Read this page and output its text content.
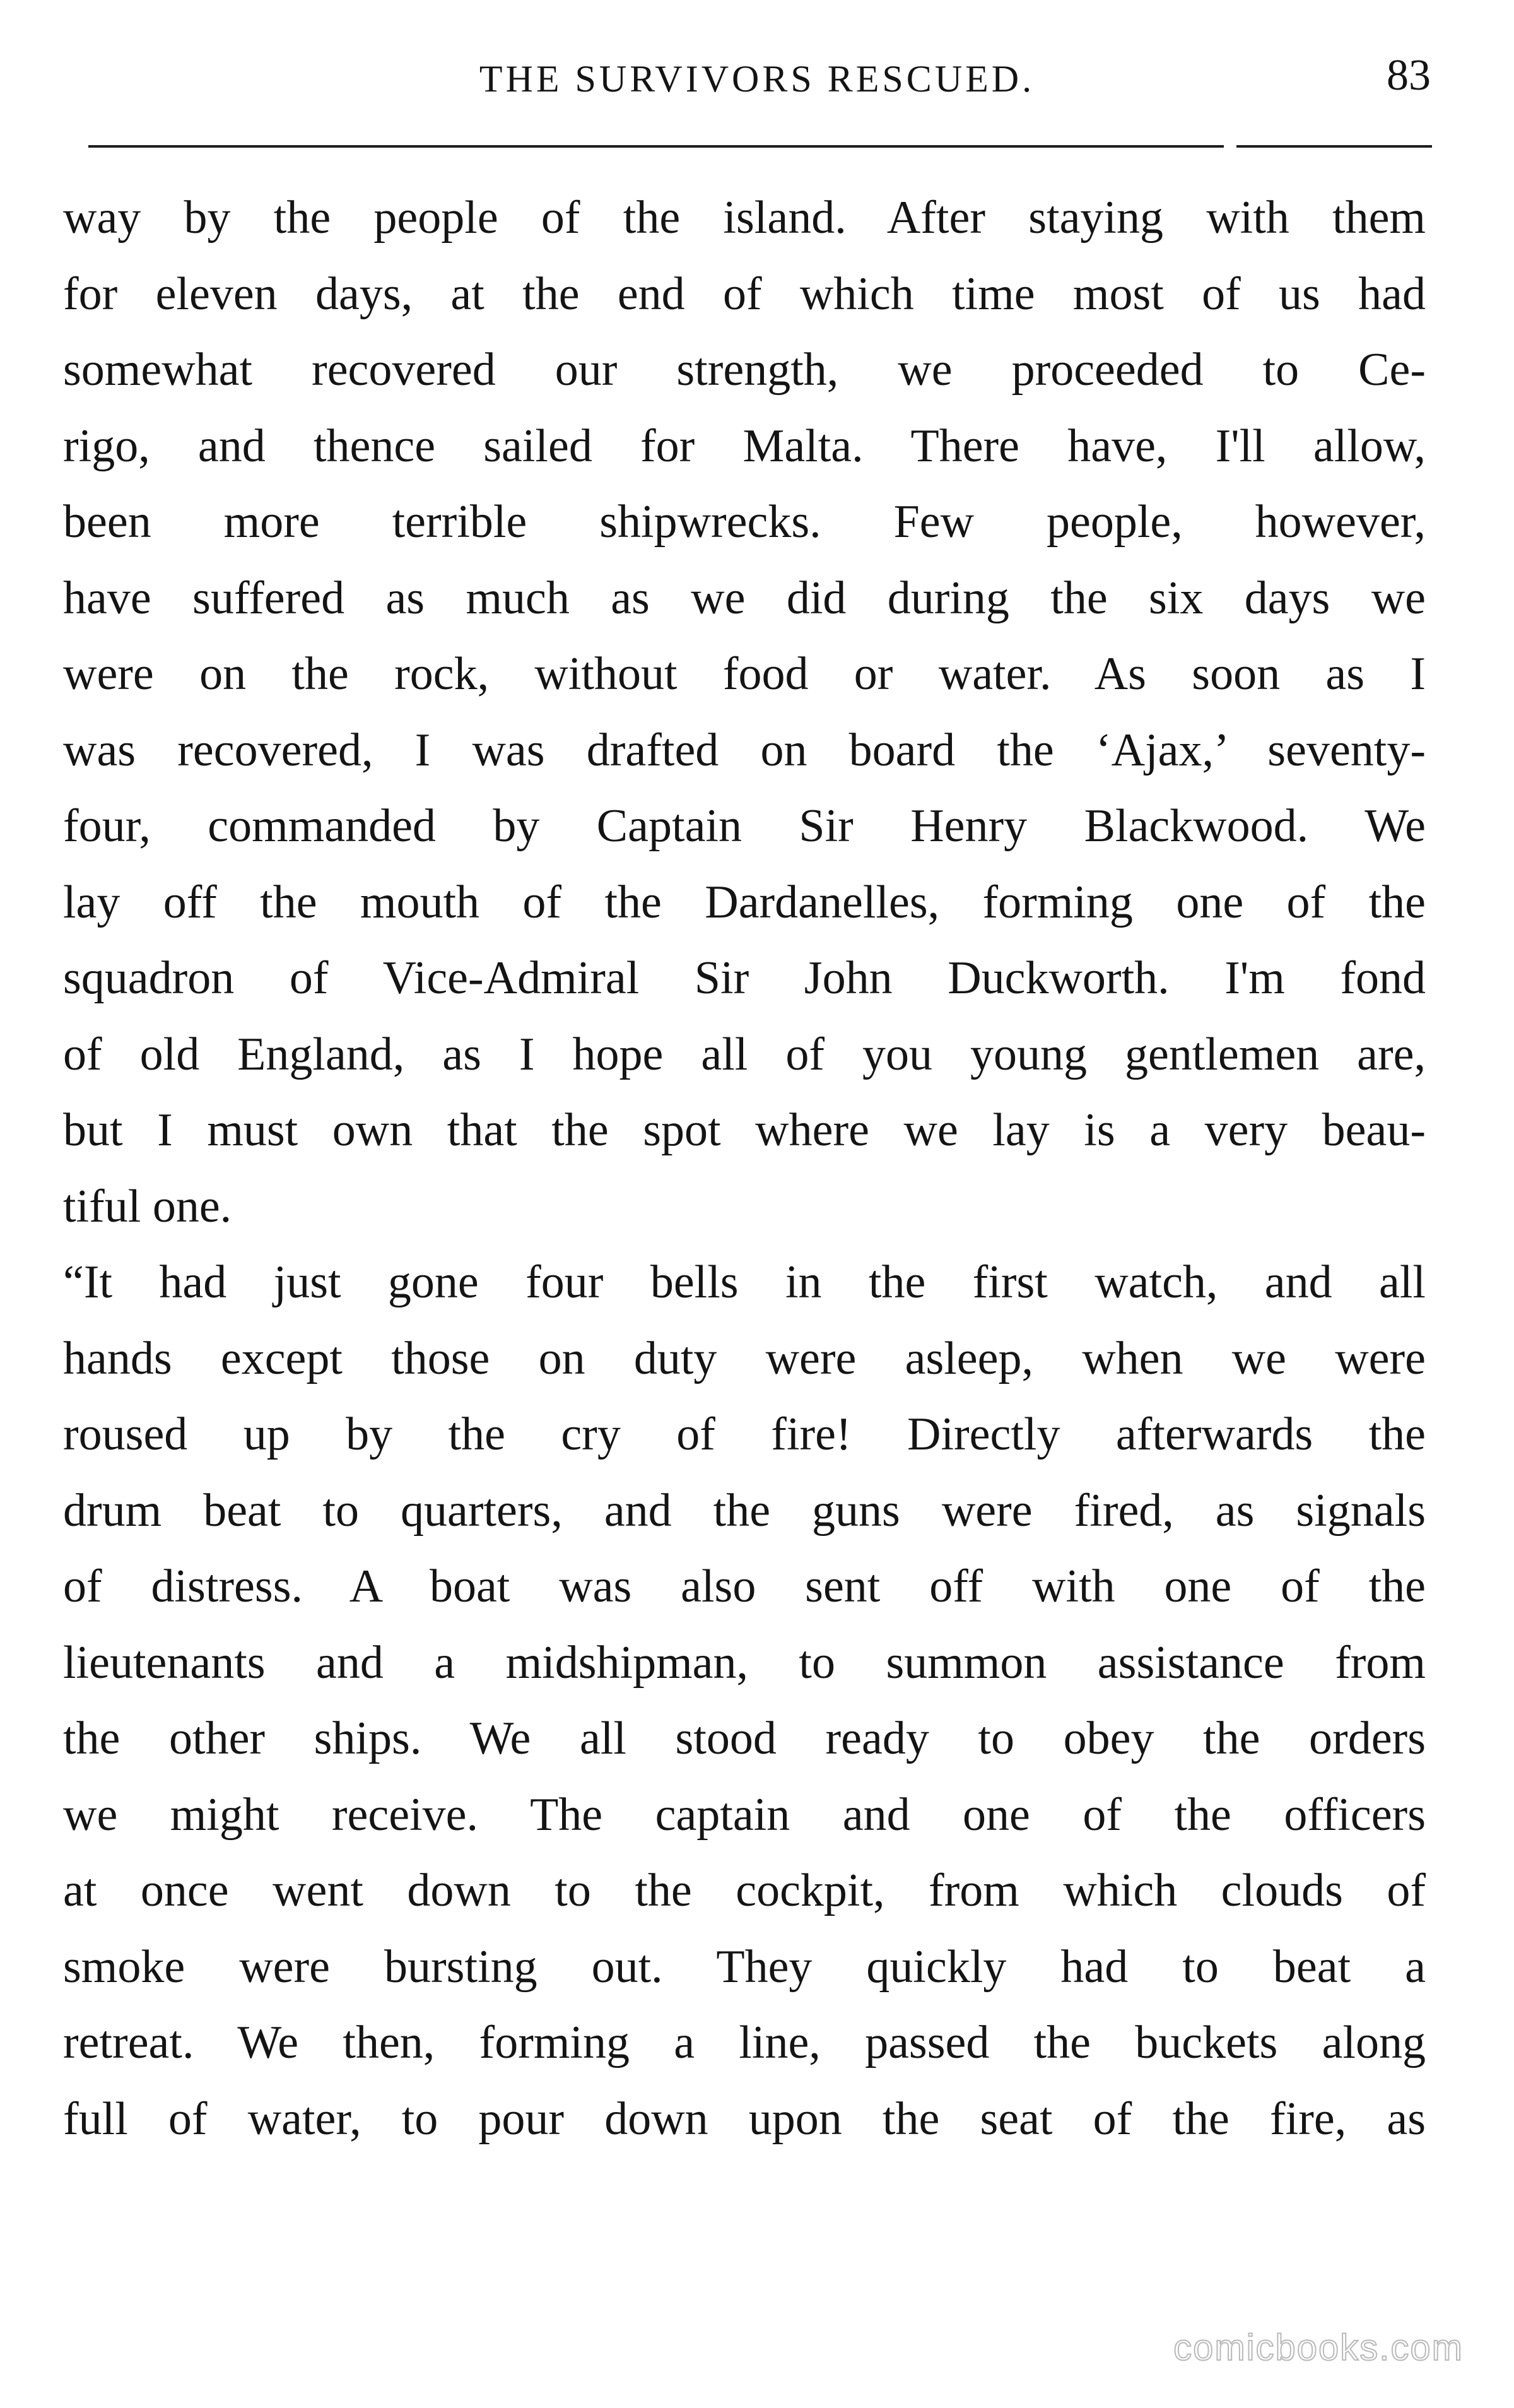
THE SURVIVORS RESCUED.	83
way by the people of the island. After staying with them
for eleven days, at the end of which time most of us had
somewhat recovered our strength, we proceeded to Ce-
rigo, and thence sailed for Malta. There have, I'll allow,
been more terrible shipwrecks. Few people, however,
have suffered as much as we did during the six days we
were on the rock, without food or water. As soon as I
was recovered, I was drafted on board the ‘Ajax,’ seventy-
four, commanded by Captain Sir Henry Blackwood. We
lay off the mouth of the Dardanelles, forming one of the
squadron of Vice-Admiral Sir John Duckworth. I'm fond
of old England, as I hope all of you young gentlemen are,
but I must own that the spot where we lay is a very beau-
tiful one.
“It had just gone four bells in the first watch, and all
hands except those on duty were asleep, when we were
roused up by the cry of fire! Directly afterwards the
drum beat to quarters, and the guns were fired, as signals
of distress. A boat was also sent off with one of the
lieutenants and a midshipman, to summon assistance from
the other ships. We all stood ready to obey the orders
we might receive. The captain and one of the officers
at once went down to the cockpit, from which clouds of
smoke were bursting out. They quickly had to beat a
retreat. We then, forming a line, passed the buckets along
full of water, to pour down upon the seat of the fire, as
comicbooks.com
